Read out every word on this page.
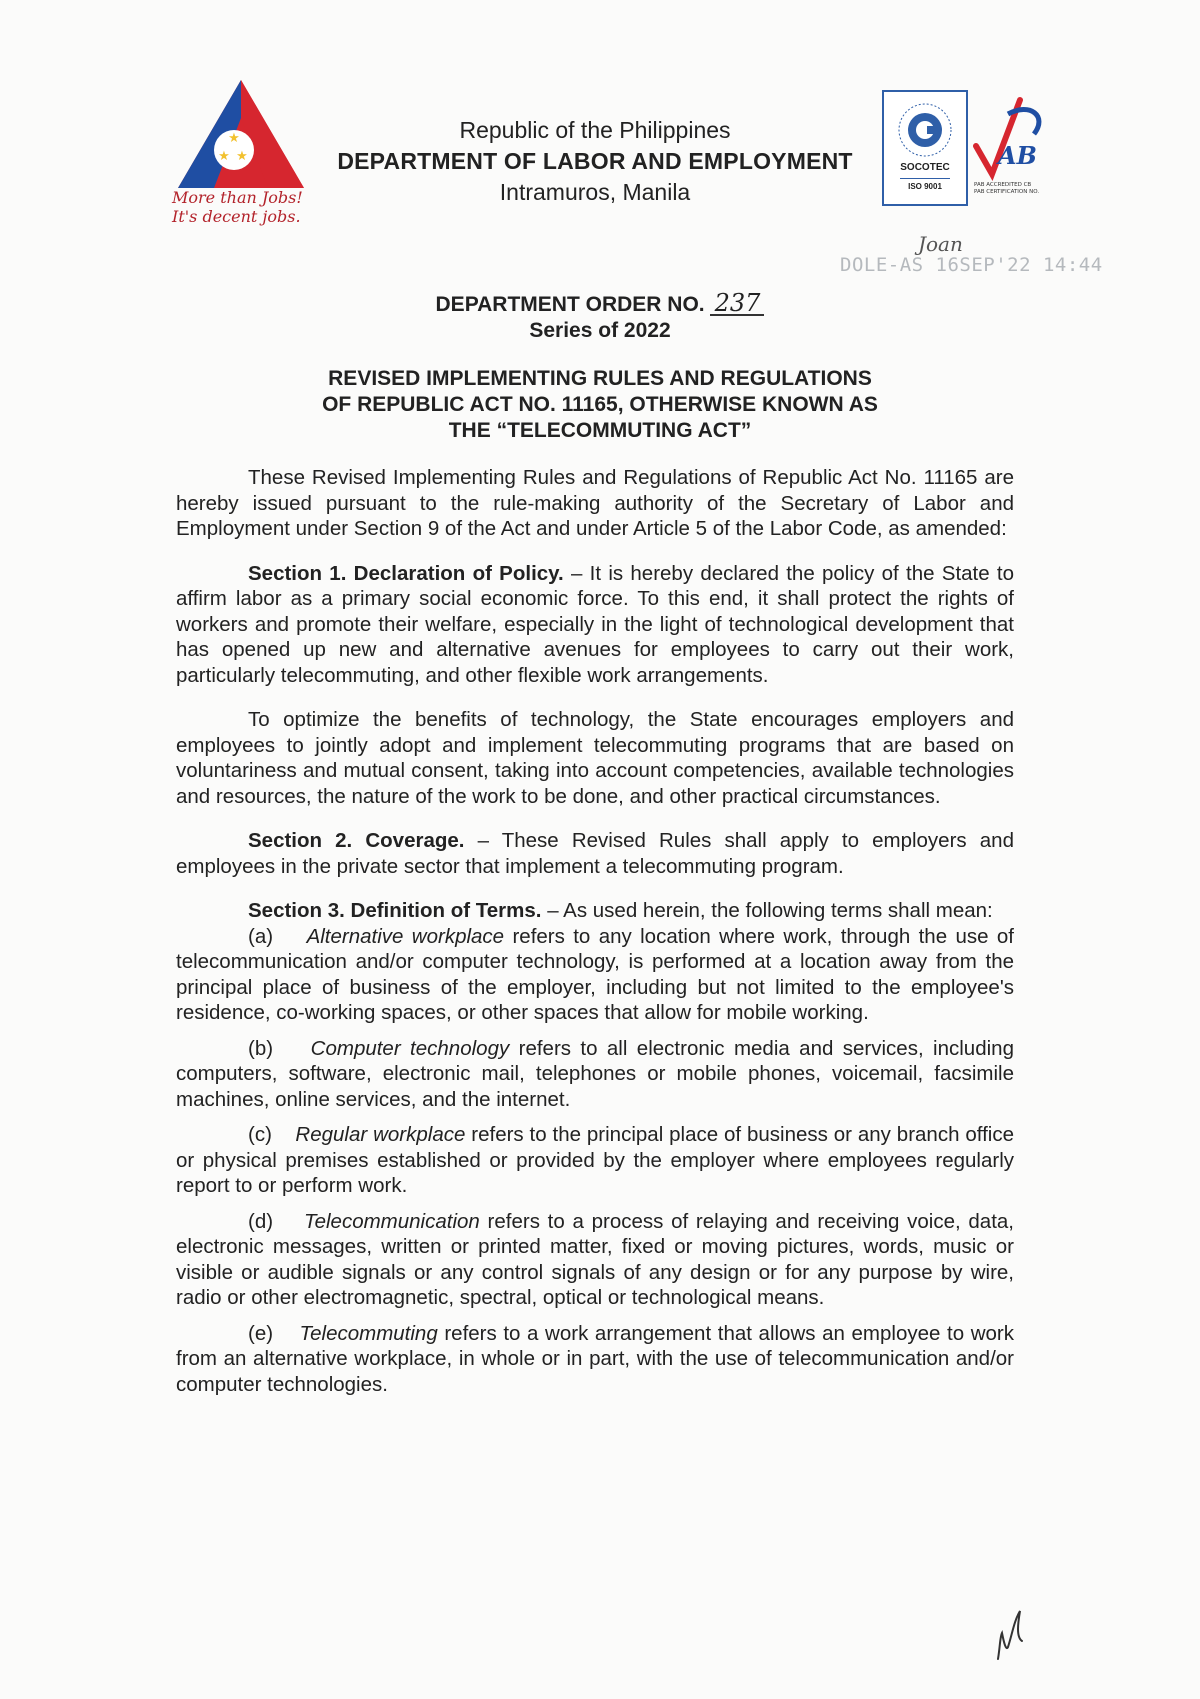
★
★ ★
More than Jobs!
It's decent jobs.
Republic of the Philippines
DEPARTMENT OF LABOR AND EMPLOYMENT
Intramuros, Manila
SOCOTEC
ISO 9001
AB
PAB ACCREDITED CB
PAB CERTIFICATION NO.
Joan
DOLE-AS 16SEP'22 14:44
DEPARTMENT ORDER NO. 237
Series of 2022
REVISED IMPLEMENTING RULES AND REGULATIONS
OF REPUBLIC ACT NO. 11165, OTHERWISE KNOWN AS
THE “TELECOMMUTING ACT”

These Revised Implementing Rules and Regulations of Republic Act No. 11165 are hereby issued pursuant to the rule-making authority of the Secretary of Labor and Employment under Section 9 of the Act and under Article 5 of the Labor Code, as amended:

Section 1. Declaration of Policy. – It is hereby declared the policy of the State to affirm labor as a primary social economic force. To this end, it shall protect the rights of workers and promote their welfare, especially in the light of technological development that has opened up new and alternative avenues for employees to carry out their work, particularly telecommuting, and other flexible work arrangements.

To optimize the benefits of technology, the State encourages employers and employees to jointly adopt and implement telecommuting programs that are based on voluntariness and mutual consent, taking into account competencies, available technologies and resources, the nature of the work to be done, and other practical circumstances.

Section 2. Coverage. – These Revised Rules shall apply to employers and employees in the private sector that implement a telecommuting program.

Section 3. Definition of Terms. – As used herein, the following terms shall mean:

(a) Alternative workplace refers to any location where work, through the use of telecommunication and/or computer technology, is performed at a location away from the principal place of business of the employer, including but not limited to the employee's residence, co-working spaces, or other spaces that allow for mobile working.

(b) Computer technology refers to all electronic media and services, including computers, software, electronic mail, telephones or mobile phones, voicemail, facsimile machines, online services, and the internet.

(c) Regular workplace refers to the principal place of business or any branch office or physical premises established or provided by the employer where employees regularly report to or perform work.

(d) Telecommunication refers to a process of relaying and receiving voice, data, electronic messages, written or printed matter, fixed or moving pictures, words, music or visible or audible signals or any control signals of any design or for any purpose by wire, radio or other electromagnetic, spectral, optical or technological means.

(e) Telecommuting refers to a work arrangement that allows an employee to work from an alternative workplace, in whole or in part, with the use of telecommunication and/or computer technologies.
